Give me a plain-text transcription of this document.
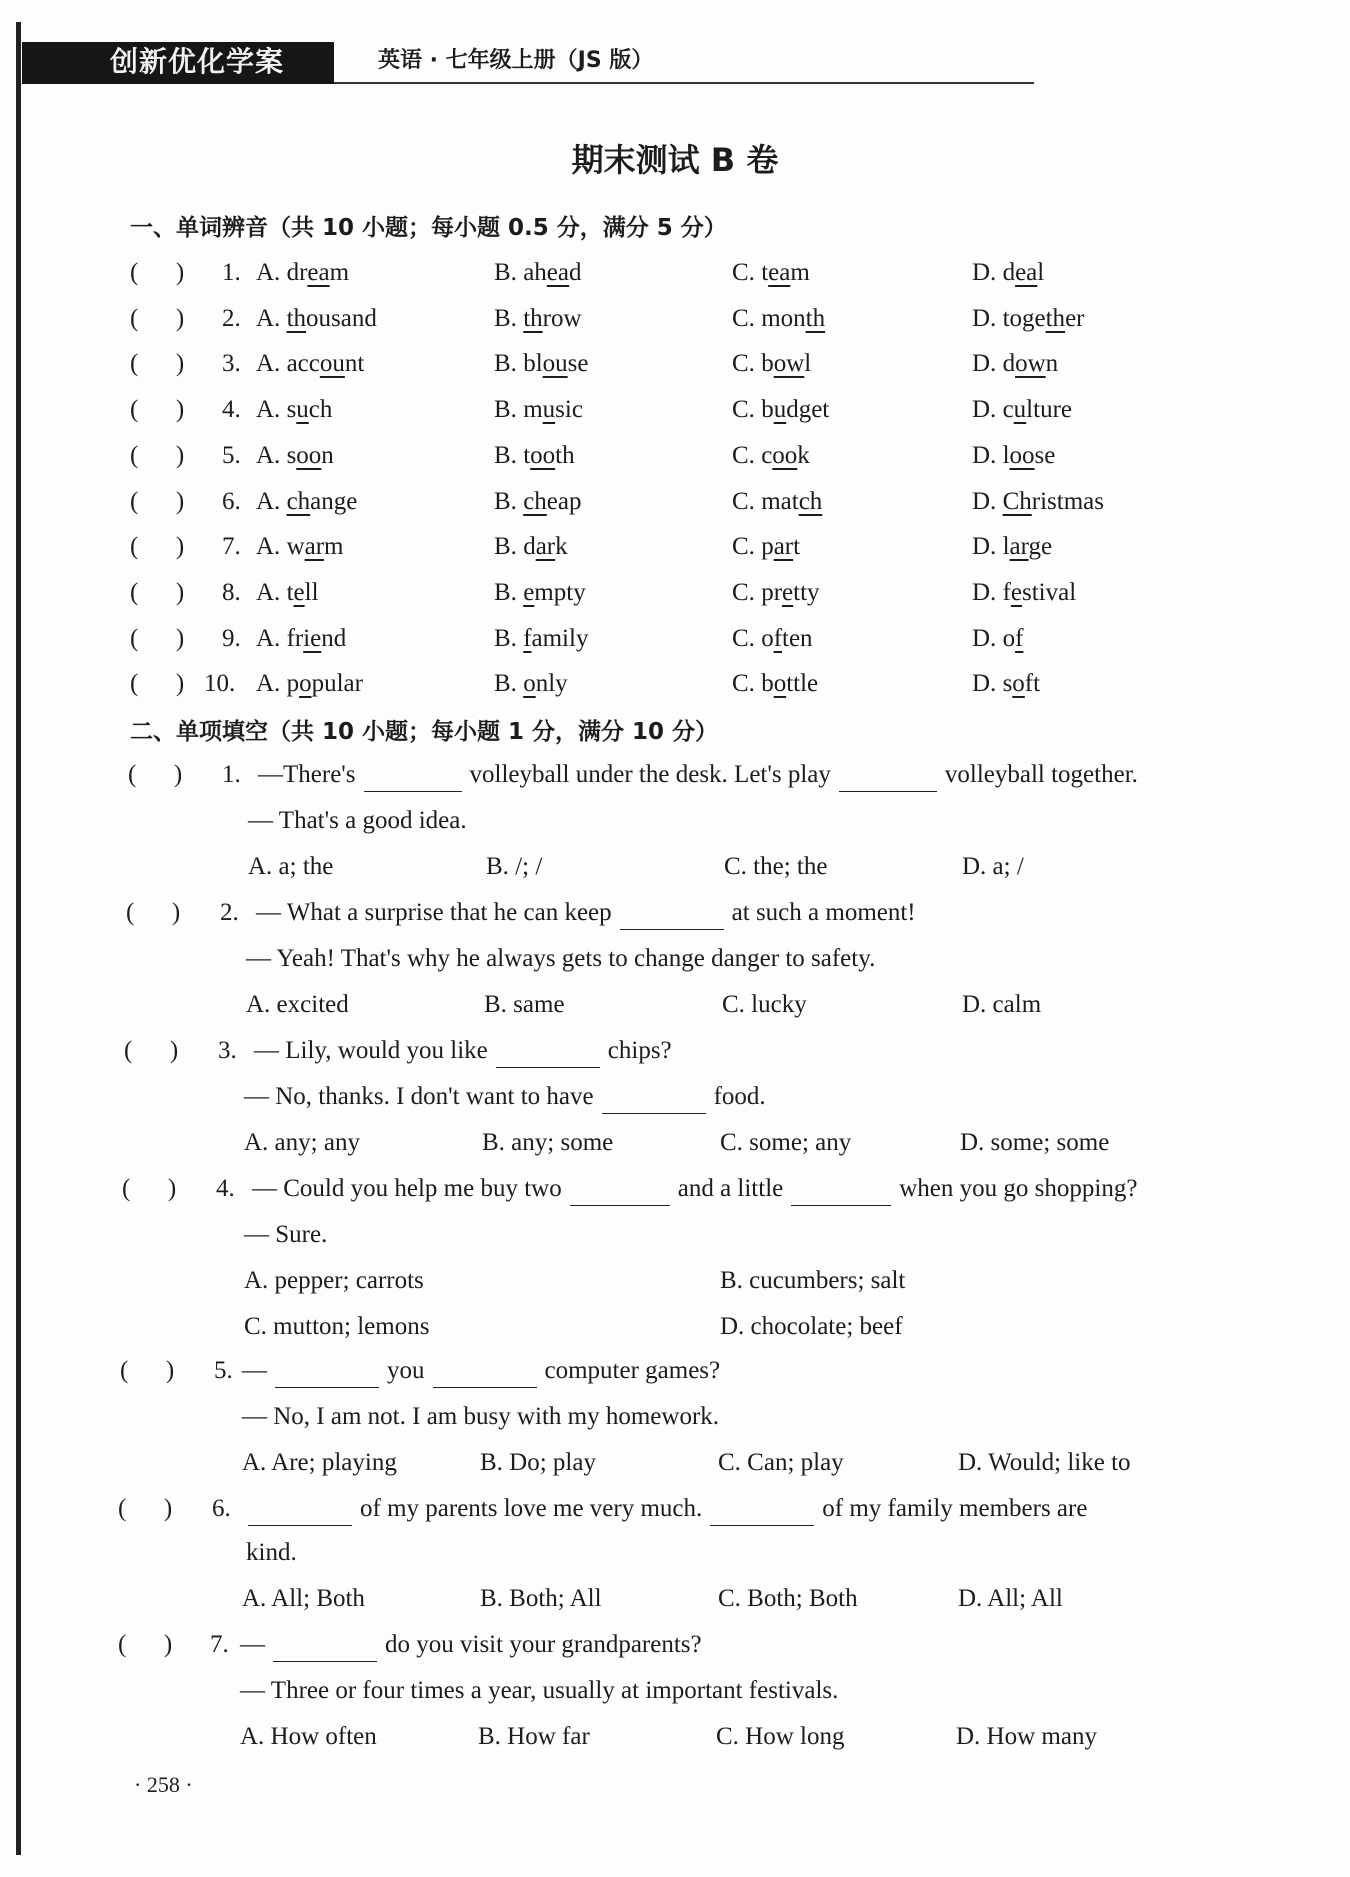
创新优化学案	英语 · 七年级上册（JS 版）
期末测试 B 卷
一、单词辨音（共 10 小题；每小题 0.5 分，满分 5 分）
(      ) 1. A. dream	B. ahead	C. team	D. deal
(      ) 2. A. thousand	B. throw	C. month	D. together
(      ) 3. A. account	B. blouse	C. bowl	D. down
(      ) 4. A. such	B. music	C. budget	D. culture
(      ) 5. A. soon	B. tooth	C. cook	D. loose
(      ) 6. A. change	B. cheap	C. match	D. Christmas
(      ) 7. A. warm	B. dark	C. part	D. large
(      ) 8. A. tell	B. empty	C. pretty	D. festival
(      ) 9. A. friend	B. family	C. often	D. of
(      ) 10. A. popular	B. only	C. bottle	D. soft
二、单项填空（共 10 小题；每小题 1 分，满分 10 分）
(      ) 1. —There's	volleyball under the desk. Let's play	volleyball together.
— That's a good idea.
A. a; the	B. /; /	C. the; the	D. a; /
(      ) 2. — What a surprise that he can keep	at such a moment!
— Yeah! That's why he always gets to change danger to safety.
A. excited	B. same	C. lucky	D. calm
(      ) 3. — Lily, would you like	chips?
— No, thanks. I don't want to have	food.
A. any; any	B. any; some	C. some; any	D. some; some
(      ) 4. — Could you help me buy two	and a little	when you go shopping?
— Sure.
A. pepper; carrots	B. cucumbers; salt
C. mutton; lemons	D. chocolate; beef
(      ) 5. —	you	computer games?
— No, I am not. I am busy with my homework.
A. Are; playing	B. Do; play	C. Can; play	D. Would; like to
(      ) 6.	of my parents love me very much.	of my family members are
kind.
A. All; Both	B. Both; All	C. Both; Both	D. All; All
(      ) 7. —	do you visit your grandparents?
— Three or four times a year, usually at important festivals.
A. How often	B. How far	C. How long	D. How many
· 258 ·
